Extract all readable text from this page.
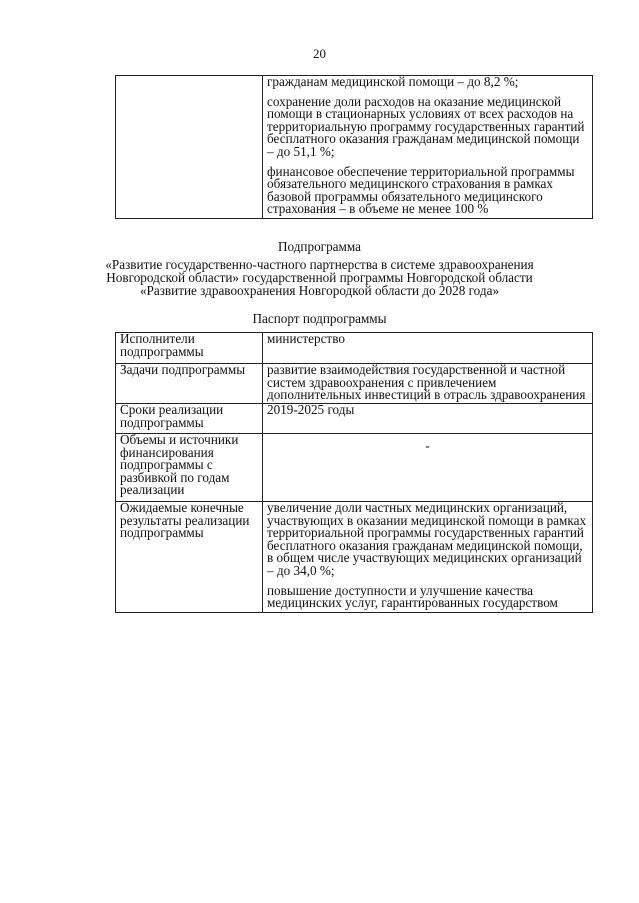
20

гражданам медицинской помощи – до 8,2 %;

сохранение доли расходов на оказание медицинской помощи в стационарных условиях от всех расходов на территориальную программу государственных гарантий бесплатного оказания гражданам медицинской помощи – до 51,1 %;

финансовое обеспечение территориальной программы обязательного медицинского страхования в рамках базовой программы обязательного медицинского страхования – в объеме не менее 100 %

Подпрограмма
«Развитие государственно-частного партнерства в системе здравоохранения
Новгородской области» государственной программы Новгородской области
«Развитие здравоохранения Новгородкой области до 2028 года»
Паспорт подпрограммы
Исполнители подпрограммы	министерство
Задачи подпрограммы	развитие взаимодействия государственной и частной систем здравоохранения с привлечением дополнительных инвестиций в отрасль здравоохранения
Сроки реализации подпрограммы	2019-2025 годы
Объемы и источники финансирования подпрограммы с разбивкой по годам реализации	-
Ожидаемые конечные результаты реализации подпрограммы	увеличение доли частных медицинских организаций, участвующих в оказании медицинской помощи в рамках территориальной программы государственных гарантий бесплатного оказания гражданам медицинской помощи, в общем числе участвующих медицинских организаций – до 34,0 %;

повышение доступности и улучшение качества медицинских услуг, гарантированных государством
